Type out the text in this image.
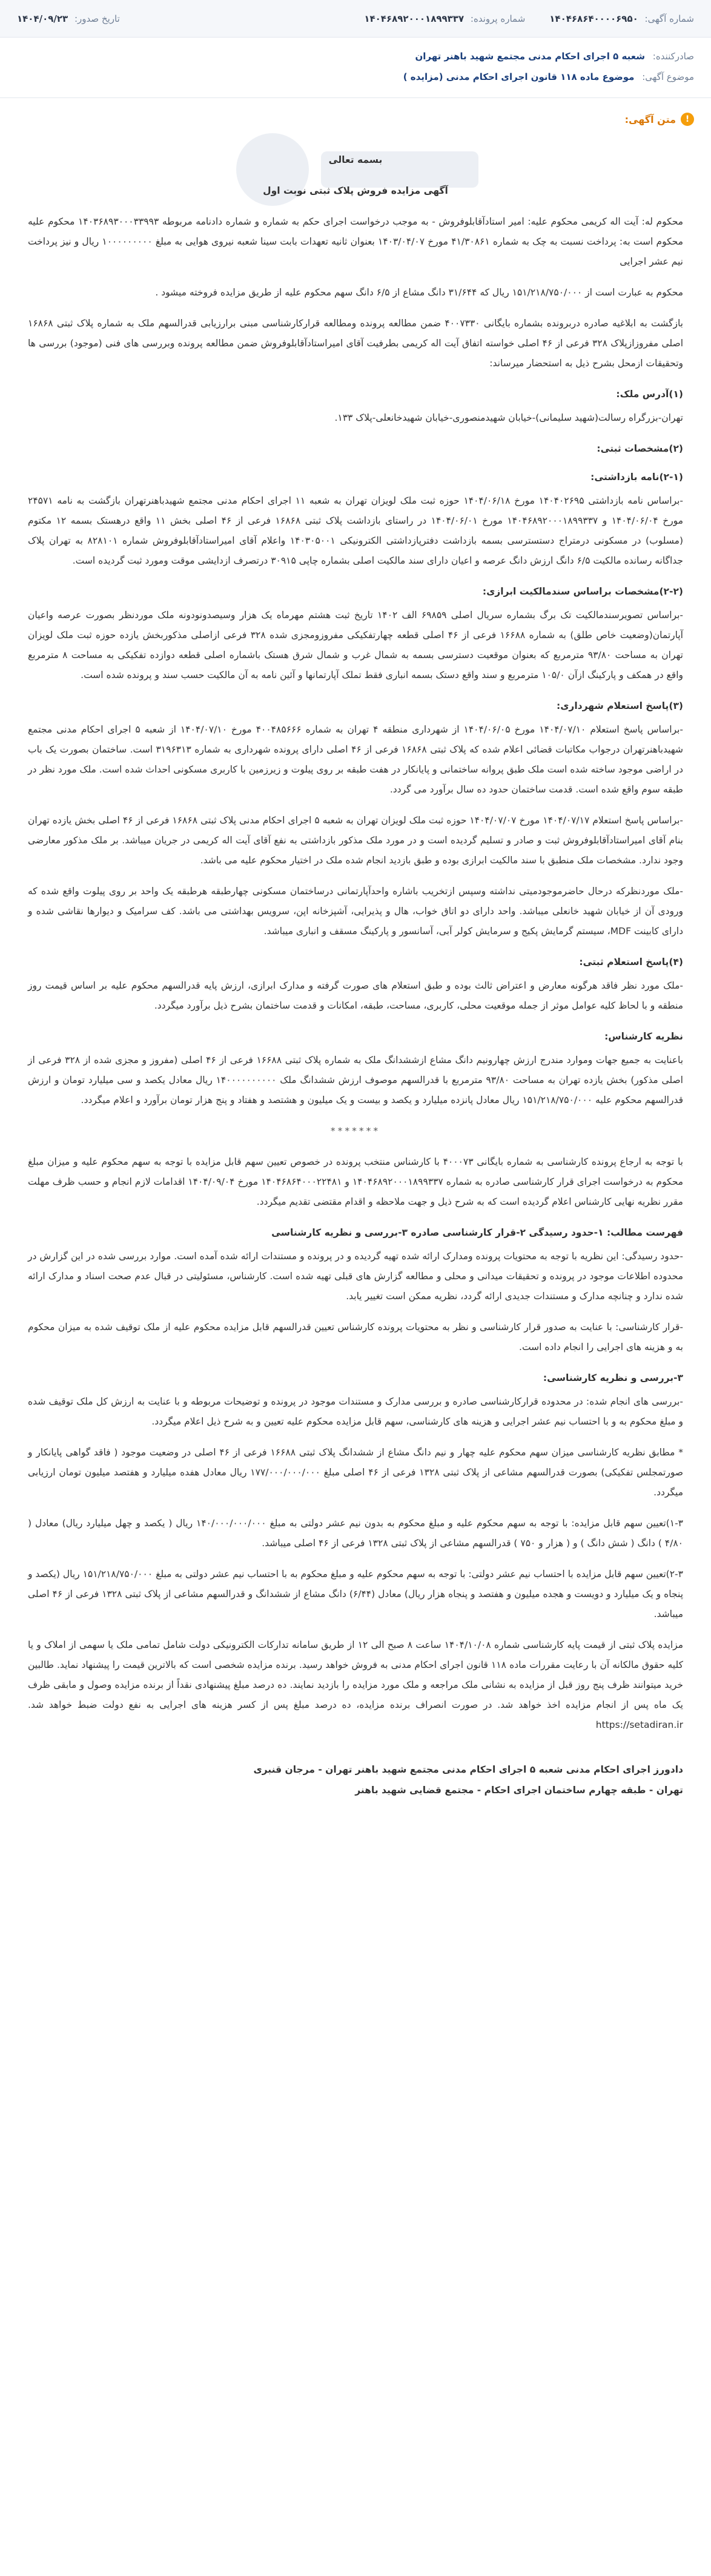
شماره آگهی: ۱۴۰۴۶۸۶۴۰۰۰۰۶۹۵۰
شماره پرونده: ۱۴۰۴۶۸۹۲۰۰۰۱۸۹۹۳۳۷
تاریخ صدور: ۱۴۰۴/۰۹/۲۳
صادرکننده: شعبه ۵ اجرای احکام مدنی مجتمع شهید باهنر تهران
موضوع آگهی: موضوع ماده ۱۱۸ قانون اجرای احکام مدنی (مزایده )
!
متن آگهی:

بسمه تعالی

آگهی مزایده فروش پلاک ثبتی نوبت اول

محکوم له: آیت اله کریمی محکوم علیه: امیر استادآقابلوفروش - به موجب درخواست اجرای حکم به شماره و شماره دادنامه مربوطه ۱۴۰۳۶۸۹۳۰۰۰۳۳۹۹۳ محکوم علیه محکوم است به: پرداخت نسبت به چک به شماره ۴۱/۳۰۸۶۱ مورخ ۱۴۰۳/۰۴/۰۷ بعنوان ثانیه تعهدات بابت سینا شعبه نیروی هوایی به مبلغ ۱۰۰۰۰۰۰۰۰۰ ریال و نیز پرداخت نیم عشر اجرایی

محکوم به عبارت است از ۱۵۱/۲۱۸/۷۵۰/۰۰۰ ریال که ۳۱/۶۴۴ دانگ مشاع از ۶/۵ دانگ سهم محکوم علیه از طریق مزایده فروخته میشود .

بازگشت به ابلاغیه صادره دربرونده بشماره بایگانی ۴۰۰۷۳۳۰ ضمن مطالعه پرونده ومطالعه قرارکارشناسی مبنی برارزیابی قدرالسهم ملک به شماره پلاک ثبتی ۱۶۸۶۸ اصلی مفروزازپلاک ۳۲۸ فرعی از ۴۶ اصلی خواسته اتفاق آیت اله کریمی بطرفیت آقای امیراستادآقابلوفروش ضمن مطالعه پرونده وبررسی های فنی (موجود) بررسی ها وتحقیقات ازمحل بشرح ذیل به استحضار میرساند:

(۱)آدرس ملک:

تهران-بزرگراه رسالت(شهید سلیمانی)-خیابان شهیدمنصوری-خیابان شهیدخانعلی-پلاک ۱۳۳.

(۲)مشخصات ثبتی:

(۲-۱)نامه بازداشتی:

-براساس نامه بازداشتی ۱۴۰۴۰۲۶۹۵ مورخ ۱۴۰۴/۰۶/۱۸ حوزه ثبت ملک لویزان تهران به شعبه ۱۱ اجرای احکام مدنی مجتمع شهیدباهنرتهران بازگشت به نامه ۲۴۵۷۱ مورخ ۱۴۰۴/۰۶/۰۴ و ۱۴۰۴۶۸۹۲۰۰۰۱۸۹۹۳۳۷ مورخ ۱۴۰۴/۰۶/۰۱ در راستای بازداشت پلاک ثبتی ۱۶۸۶۸ فرعی از ۴۶ اصلی بخش ۱۱ واقع درهستک بسمه ۱۲ مکتوم (مسلوب) در مسکونی درمتراج دستسترسی بسمه بازداشت دفترپازداشتی الکترونیکی ۱۴۰۳۰۵۰۰۱ واعلام آقای امیراستادآقابلوفروش شماره ۸۲۸۱۰۱ به تهران پلاک جداگانه رسانده مالکیت ۶/۵ دانگ ارزش دانگ عرصه و اعیان دارای سند مالکیت اصلی بشماره چاپی ۳۰۹۱۵ درتصرف ازدایشی موقت ومورد ثبت گردیده است.

(۲-۲)مشخصات براساس سندمالکیت ابرازی:

-براساس تصویرسندمالکیت تک برگ بشماره سریال اصلی ۶۹۸۵۹ الف ۱۴۰۲ تاریخ ثبت هشتم مهرماه یک هزار وسیصدونودونه ملک موردنظر بصورت عرصه واعیان آپارتمان(وضعیت خاص طلق) به شماره ۱۶۶۸۸ فرعی از ۴۶ اصلی قطعه چهارتفکیکی مفروزومجزی شده ۳۲۸ فرعی ازاصلی مذکوربخش یازده حوزه ثبت ملک لویزان تهران به مساحت ۹۳/۸۰ مترمربع که بعنوان موقعیت دسترسی بسمه به شمال غرب و شمال شرق هستک باشماره اصلی قطعه دوازده تفکیکی به مساحت ۸ مترمربع واقع در همکف و پارکینگ ازآن ۱۰۵/۰ مترمربع و سند واقع دستک بسمه انباری فقط تملک آپارتمانها و آئین نامه به آن مالکیت حسب سند و پرونده شده است.

(۳)پاسخ استعلام شهرداری:

-براساس پاسخ استعلام ۱۴۰۴/۰۷/۱۰ مورخ ۱۴۰۴/۰۶/۰۵ از شهرداری منطقه ۴ تهران به شماره ۴۰۰۴۸۵۶۶۶ مورخ ۱۴۰۴/۰۷/۱۰ از شعبه ۵ اجرای احکام مدنی مجتمع شهیدباهنرتهران درجواب مکاتبات قضائی اعلام شده که پلاک ثبتی ۱۶۸۶۸ فرعی از ۴۶ اصلی دارای پرونده شهرداری به شماره ۳۱۹۶۳۱۳ است. ساختمان بصورت یک باب در اراضی موجود ساخته شده است ملک طبق پروانه ساختمانی و پایانکار در هفت طبقه بر روی پیلوت و زیرزمین با کاربری مسکونی احداث شده است. ملک مورد نظر در طبقه سوم واقع شده است. قدمت ساختمان حدود ده سال برآورد می گردد.

-براساس پاسخ استعلام ۱۴۰۴/۰۷/۱۷ مورخ ۱۴۰۴/۰۷/۰۷ حوزه ثبت ملک لویزان تهران به شعبه ۵ اجرای احکام مدنی پلاک ثبتی ۱۶۸۶۸ فرعی از ۴۶ اصلی بخش یازده تهران بنام آقای امیراستادآقابلوفروش ثبت و صادر و تسلیم گردیده است و در مورد ملک مذکور بازداشتی به نفع آقای آیت اله کریمی در جریان میباشد. بر ملک مذکور معارضی وجود ندارد. مشخصات ملک منطبق با سند مالکیت ابرازی بوده و طبق بازدید انجام شده ملک در اختیار محکوم علیه می باشد.

-ملک موردنظرکه درحال حاضرموجودمیتی نداشته وسپس ازتخریب باشاره واحدآپارتمانی درساختمان مسکونی چهارطبقه هرطبقه یک واحد بر روی پیلوت واقع شده که ورودی آن از خیابان شهید خانعلی میباشد. واحد دارای دو اتاق خواب، هال و پذیرایی، آشپزخانه اپن، سرویس بهداشتی می باشد. کف سرامیک و دیوارها نقاشی شده و دارای کابینت MDF، سیستم گرمایش پکیج و سرمایش کولر آبی، آسانسور و پارکینگ مسقف و انباری میباشد.

(۴)پاسخ استعلام ثبتی:

-ملک مورد نظر فاقد هرگونه معارض و اعتراض ثالث بوده و طبق استعلام های صورت گرفته و مدارک ابرازی، ارزش پایه قدرالسهم محکوم علیه بر اساس قیمت روز منطقه و با لحاظ کلیه عوامل موثر از جمله موقعیت محلی، کاربری، مساحت، طبقه، امکانات و قدمت ساختمان بشرح ذیل برآورد میگردد.

نظریه کارشناس:

باعنایت به جمیع جهات وموارد مندرج ارزش چهارونیم دانگ مشاع ازششدانگ ملک به شماره پلاک ثبتی ۱۶۶۸۸ فرعی از ۴۶ اصلی (مفروز و مجزی شده از ۳۲۸ فرعی از اصلی مذکور) بخش یازده تهران به مساحت ۹۳/۸۰ مترمربع با قدرالسهم موصوف ارزش ششدانگ ملک ۱۴۰۰۰۰۰۰۰۰۰۰ ریال معادل یکصد و سی میلیارد تومان و ارزش قدرالسهم محکوم علیه ۱۵۱/۲۱۸/۷۵۰/۰۰۰ ریال معادل پانزده میلیارد و یکصد و بیست و یک میلیون و هشتصد و هفتاد و پنج هزار تومان برآورد و اعلام میگردد.

*******

با توجه به ارجاع پرونده کارشناسی به شماره بایگانی ۴۰۰۰۷۳ با کارشناس منتخب پرونده در خصوص تعیین سهم قابل مزایده با توجه به سهم محکوم علیه و میزان مبلغ محکوم به درخواست اجرای قرار کارشناسی صادره به شماره ۱۴۰۴۶۸۹۲۰۰۰۱۸۹۹۳۳۷ و ۱۴۰۴۶۸۶۴۰۰۰۲۲۴۸۱ مورخ ۱۴۰۴/۰۹/۰۴ اقدامات لازم انجام و حسب ظرف مهلت مقرر نظریه نهایی کارشناس اعلام گردیده است که به شرح ذیل و جهت ملاحظه و اقدام مقتضی تقدیم میگردد.

فهرست مطالب: ۱-حدود رسیدگی ۲-قرار کارشناسی صادره ۳-بررسی و نظریه کارشناسی

-حدود رسیدگی: این نظریه با توجه به محتویات پرونده ومدارک ارائه شده تهیه گردیده و در پرونده و مستندات ارائه شده آمده است. موارد بررسی شده در این گزارش در محدوده اطلاعات موجود در پرونده و تحقیقات میدانی و محلی و مطالعه گزارش های قبلی تهیه شده است. کارشناس، مسئولیتی در قبال عدم صحت اسناد و مدارک ارائه شده ندارد و چنانچه مدارک و مستندات جدیدی ارائه گردد، نظریه ممکن است تغییر یابد.

-قرار کارشناسی: با عنایت به صدور قرار کارشناسی و نظر به محتویات پرونده کارشناس تعیین قدرالسهم قابل مزایده محکوم علیه از ملک توقیف شده به میزان محکوم به و هزینه های اجرایی را انجام داده است.

۳-بررسی و نظریه کارشناسی:

-بررسی های انجام شده: در محدوده قرارکارشناسی صادره و بررسی مدارک و مستندات موجود در پرونده و توضیحات مربوطه و با عنایت به ارزش کل ملک توقیف شده و مبلغ محکوم به و با احتساب نیم عشر اجرایی و هزینه های کارشناسی، سهم قابل مزایده محکوم علیه تعیین و به شرح ذیل اعلام میگردد.

* مطابق نظریه کارشناسی میزان سهم محکوم علیه چهار و نیم دانگ مشاع از ششدانگ پلاک ثبتی ۱۶۶۸۸ فرعی از ۴۶ اصلی در وضعیت موجود ( فاقد گواهی پایانکار و صورتمجلس تفکیکی) بصورت قدرالسهم مشاعی از پلاک ثبتی ۱۳۲۸ فرعی از ۴۶ اصلی مبلغ ۱۷۷/۰۰۰/۰۰۰/۰۰۰ ریال معادل هفده میلیارد و هفتصد میلیون تومان ارزیابی میگردد.

۱-۳)تعیین سهم قابل مزایده: با توجه به سهم محکوم علیه و مبلغ محکوم به بدون نیم عشر دولتی به مبلغ ۱۴۰/۰۰۰/۰۰۰/۰۰۰ ریال ( یکصد و چهل میلیارد ریال) معادل ( ۴/۸۰ ) دانگ ( شش دانگ ) و ( هزار و ۷۵۰ ) قدرالسهم مشاعی از پلاک ثبتی ۱۳۲۸ فرعی از ۴۶ اصلی میباشد.

۲-۳)تعیین سهم قابل مزایده با احتساب نیم عشر دولتی: با توجه به سهم محکوم علیه و مبلغ محکوم به با احتساب نیم عشر دولتی به مبلغ ۱۵۱/۲۱۸/۷۵۰/۰۰۰ ریال (یکصد و پنجاه و یک میلیارد و دویست و هجده میلیون و هفتصد و پنجاه هزار ریال) معادل (۶/۴۴) دانگ مشاع از ششدانگ و قدرالسهم مشاعی از پلاک ثبتی ۱۳۲۸ فرعی از ۴۶ اصلی میباشد.

مزایده پلاک ثبتی از قیمت پایه کارشناسی شماره ۱۴۰۴/۱۰/۰۸ ساعت ۸ صبح الی ۱۲ از طریق سامانه تدارکات الکترونیکی دولت شامل تمامی ملک یا سهمی از املاک و یا کلیه حقوق مالکانه آن با رعایت مقررات ماده ۱۱۸ قانون اجرای احکام مدنی به فروش خواهد رسید. برنده مزایده شخصی است که بالاترین قیمت را پیشنهاد نماید. طالبین خرید میتوانند ظرف پنج روز قبل از مزایده به نشانی ملک مراجعه و ملک مورد مزایده را بازدید نمایند. ده درصد مبلغ پیشنهادی نقداً از برنده مزایده وصول و مابقی ظرف یک ماه پس از انجام مزایده اخذ خواهد شد. در صورت انصراف برنده مزایده، ده درصد مبلغ پس از کسر هزینه های اجرایی به نفع دولت ضبط خواهد شد. https://setadiran.ir

دادورز اجرای احکام مدنی شعبه ۵ اجرای احکام مدنی مجتمع شهید باهنر تهران - مرجان قنبری
تهران - طبقه چهارم ساختمان اجرای احکام - مجتمع قضایی شهید باهنر
